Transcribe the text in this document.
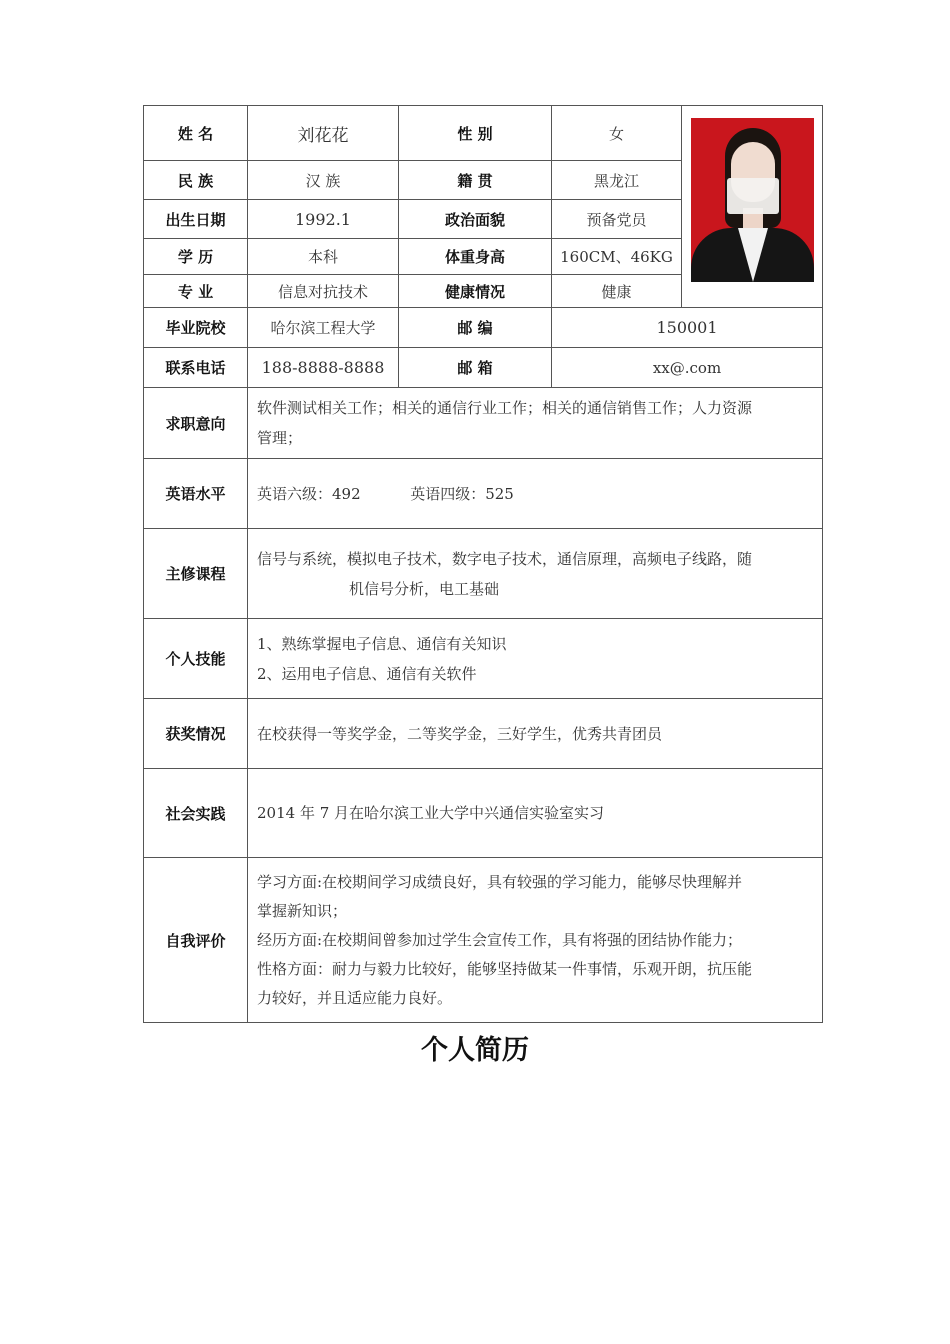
姓 名	刘花花	性 别	女	

民 族	汉 族	籍 贯	黑龙江	
出生日期	1992.1	政治面貌	预备党员	
学 历	本科	体重身高	160CM、46KG	
专 业	信息对抗技术	健康情况	健康	
毕业院校	哈尔滨工程大学	邮 编	150001	
联系电话	188-8888-8888	邮 箱	xx@.com	
求职意向	软件测试相关工作；相关的通信行业工作；相关的通信销售工作；人力资源
管理；			

英语水平	英语六级：492 英语四级：525			
主修课程	信号与系统，模拟电子技术，数字电子技术，通信原理，高频电子线路，随
机信号分析，电工基础			

个人技能	1、熟练掌握电子信息、通信有关知识
2、运用电子信息、通信有关软件			

获奖情况	在校获得一等奖学金，二等奖学金，三好学生，优秀共青团员			
社会实践	2014 年 7 月在哈尔滨工业大学中兴通信实验室实习			
自我评价	学习方面:在校期间学习成绩良好，具有较强的学习能力，能够尽快理解并
掌握新知识；
经历方面:在校期间曾参加过学生会宣传工作，具有将强的团结协作能力；
性格方面：耐力与毅力比较好，能够坚持做某一件事情，乐观开朗，抗压能
力较好，并且适应能力良好。			
个人简历
